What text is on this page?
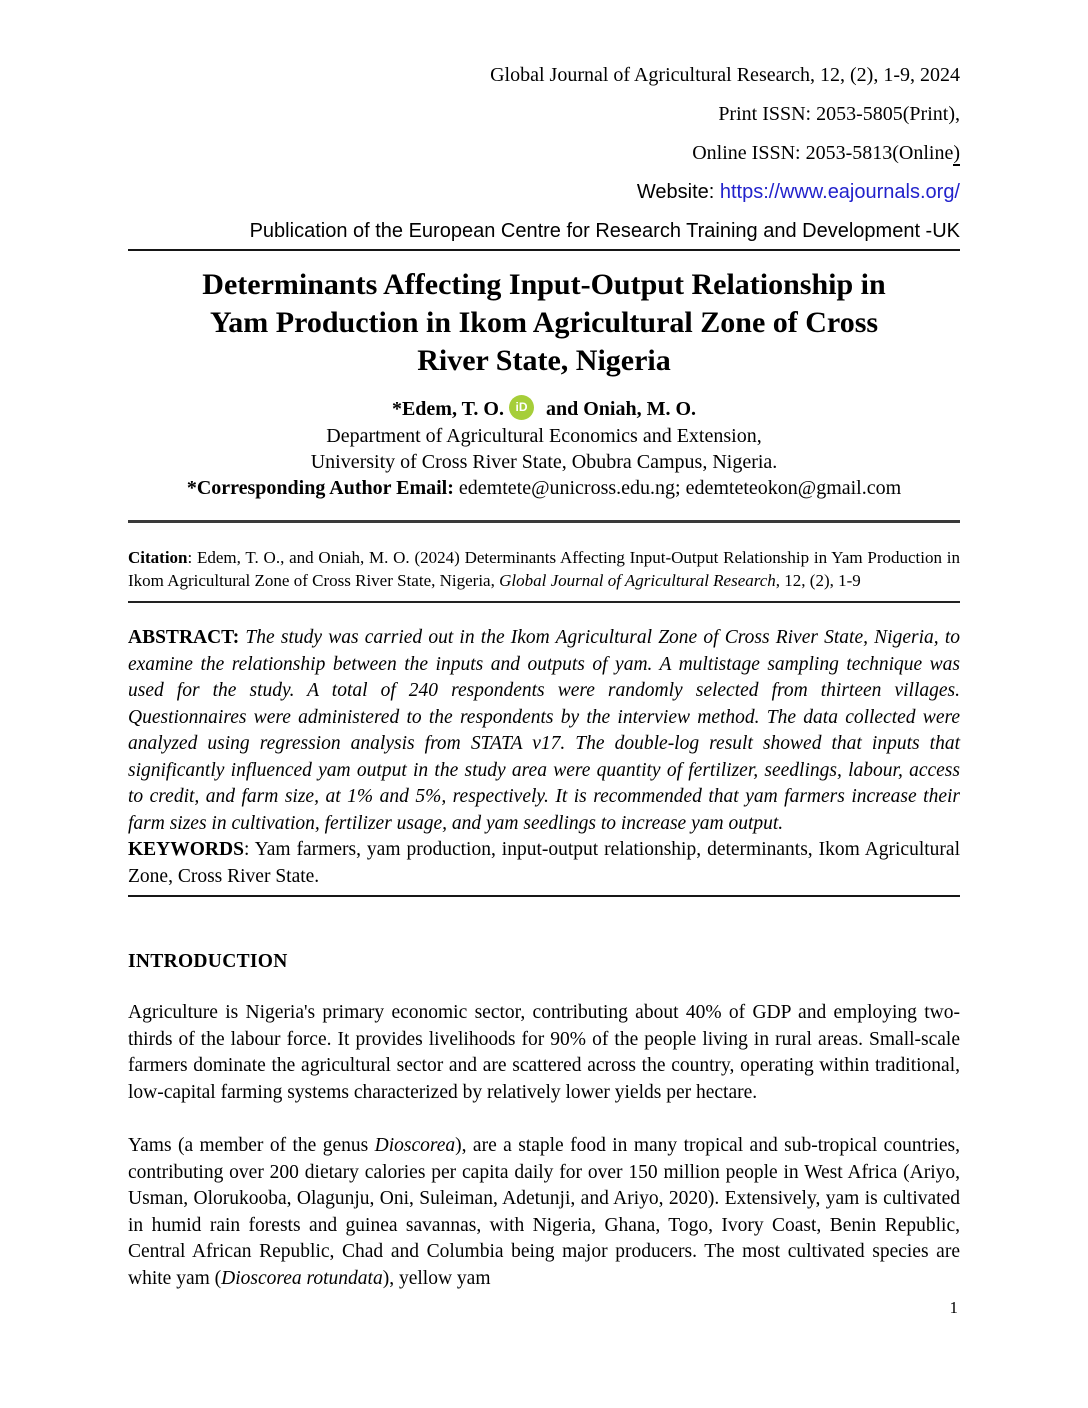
Global Journal of Agricultural Research, 12, (2), 1-9, 2024
Print ISSN: 2053-5805(Print),
Online ISSN: 2053-5813(Online)
Website: https://www.eajournals.org/
Publication of the European Centre for Research Training and Development -UK
Determinants Affecting Input-Output Relationship in
Yam Production in Ikom Agricultural Zone of Cross
River State, Nigeria
*Edem, T. O. iD and Oniah, M. O.
Department of Agricultural Economics and Extension,
University of Cross River State, Obubra Campus, Nigeria.
*Corresponding Author Email: edemtete@unicross.edu.ng; edemteteokon@gmail.com

Citation: Edem, T. O., and Oniah, M. O. (2024) Determinants Affecting Input-Output Relationship in Yam Production in Ikom Agricultural Zone of Cross River State, Nigeria, Global Journal of Agricultural Research, 12, (2), 1-9

ABSTRACT: The study was carried out in the Ikom Agricultural Zone of Cross River State, Nigeria, to examine the relationship between the inputs and outputs of yam. A multistage sampling technique was used for the study. A total of 240 respondents were randomly selected from thirteen villages. Questionnaires were administered to the respondents by the interview method. The data collected were analyzed using regression analysis from STATA v17. The double-log result showed that inputs that significantly influenced yam output in the study area were quantity of fertilizer, seedlings, labour, access to credit, and farm size, at 1% and 5%, respectively. It is recommended that yam farmers increase their farm sizes in cultivation, fertilizer usage, and yam seedlings to increase yam output.

KEYWORDS: Yam farmers, yam production, input-output relationship, determinants, Ikom Agricultural Zone, Cross River State.

INTRODUCTION

Agriculture is Nigeria's primary economic sector, contributing about 40% of GDP and employing two-thirds of the labour force. It provides livelihoods for 90% of the people living in rural areas. Small-scale farmers dominate the agricultural sector and are scattered across the country, operating within traditional, low-capital farming systems characterized by relatively lower yields per hectare.

Yams (a member of the genus Dioscorea), are a staple food in many tropical and sub-tropical countries, contributing over 200 dietary calories per capita daily for over 150 million people in West Africa (Ariyo, Usman, Olorukooba, Olagunju, Oni, Suleiman, Adetunji, and Ariyo, 2020). Extensively, yam is cultivated in humid rain forests and guinea savannas, with Nigeria, Ghana, Togo, Ivory Coast, Benin Republic, Central African Republic, Chad and Columbia being major producers. The most cultivated species are white yam (Dioscorea rotundata), yellow yam

1
